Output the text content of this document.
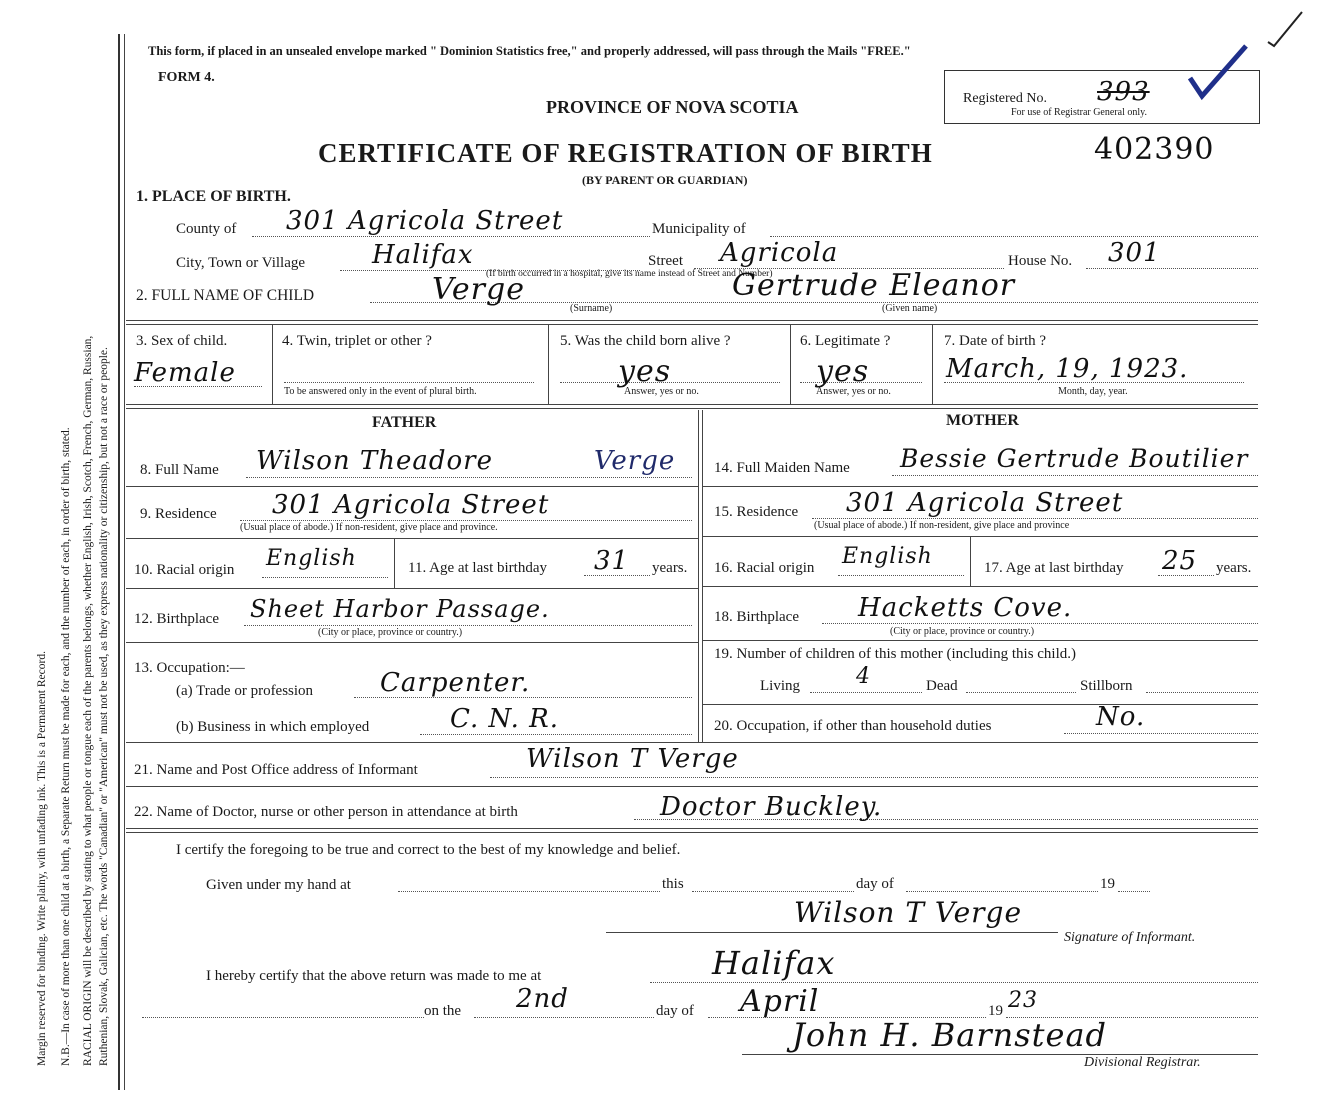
Margin reserved for binding. Write plainy, with unfading ink. This is a Permanent Record. N.B.—In case of more than one child at a birth, a Separate Return must be made for each, and the number of each, in order of birth, stated. RACIAL ORIGIN will be described by stating to what people or tongue each of the parents belongs, whether English, Irish, Scotch, French, German, Russian, Ruthenian, Slovak, Galician, etc. The words "Canadian" or "American" must not be used, as they express nationality or citizenship, but not a race or people.
This form, if placed in an unsealed envelope marked " Dominion Statistics free," and properly addressed, will pass through the Mails "FREE."
FORM 4.
PROVINCE OF NOVA SCOTIA
CERTIFICATE OF REGISTRATION OF BIRTH	402390
(BY PARENT OR GUARDIAN)
Registered No. 393
For use of Registrar General only.
1. PLACE OF BIRTH.
County of 301 Agricola Street	Municipality of
City, Town or Village	Halifax	Street Agricola
(If birth occurred in a hospital, give its name instead of Street and Number)
House No. 301
2. FULL NAME OF CHILD	Verge
(Surname)
Gertrude Eleanor
(Given name)
3. Sex of child.
Female
4. Twin, triplet or other ?
To be answered only in the event of plural birth.
5. Was the child born alive ?
yes
Answer, yes or no.
6. Legitimate ?
yes
Answer, yes or no.
7. Date of birth ?
March, 19, 1923.
Month, day, year.
FATHER	MOTHER
8. Full Name Wilson Theadore	Verge	14. Full Maiden Name Bessie Gertrude Boutilier
9. Residence 301 Agricola Street
(Usual place of abode.) If non-resident, give place and province.
15. Residence 301 Agricola Street
(Usual place of abode.) If non-resident, give place and province
10. Racial origin English	11. Age at last birthday 31 years. 16. Racial origin English	17. Age at last birthday 25 years.
12. Birthplace Sheet Harbor Passage.
(City or place, province or country.)
18. Birthplace Hacketts Cove.
(City or place, province or country.)
13. Occupation:—
(a) Trade or profession	Carpenter.
(b) Business in which employed	C. N. R.
19. Number of children of this mother (including this child.)
Living	4	Dead	Stillborn
20. Occupation, if other than household duties	No.
21. Name and Post Office address of Informant	Wilson T Verge
22. Name of Doctor, nurse or other person in attendance at birth	Doctor Buckley.
I certify the foregoing to be true and correct to the best of my knowledge and belief.
Given under my hand at	this	day of	19
Wilson T Verge
Signature of Informant.
I hereby certify that the above return was made to me at	Halifax
on the 2nd	day of April	19 23
John H. Barnstead
Divisional Registrar.
